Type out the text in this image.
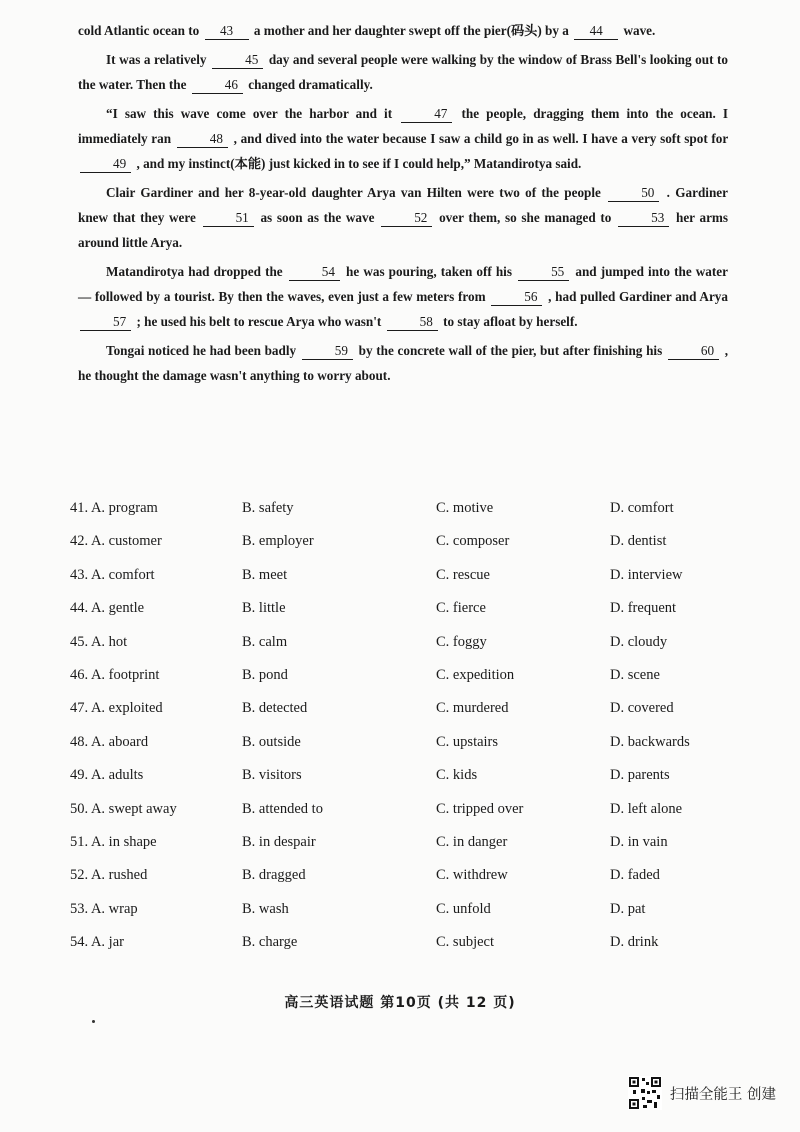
cold Atlantic ocean to 43 a mother and her daughter swept off the pier(码头) by a 44 wave.

It was a relatively	45 day and several people were walking by the window of Brass Bell's looking out to the water. Then the	46 changed dramatically.

“I saw this wave come over the harbor and it	47 the people, dragging them into the ocean. I immediately ran	48 , and dived into the water because I saw a child go in as well. I have a very soft spot for 49 , and my instinct(本能) just kicked in to see if I could help,” Matandirotya said.

Clair Gardiner and her 8-year-old daughter Arya van Hilten were two of the people	50 . Gardiner knew that they were	51 as soon as the wave	52 over them, so she managed to	53 her arms around little Arya.

Matandirotya had dropped the	54 he was pouring, taken off his	55 and jumped into the water — followed by a tourist. By then the waves, even just a few meters from	56 , had pulled Gardiner and Arya 57 ; he used his belt to rescue Arya who wasn't	58 to stay afloat by herself.

Tongai noticed he had been badly	59 by the concrete wall of the pier, but after finishing his	60 , he thought the damage wasn't anything to worry about.

41. A. program	B. safety	C. motive	D. comfort
42. A. customer	B. employer	C. composer	D. dentist
43. A. comfort	B. meet	C. rescue	D. interview
44. A. gentle	B. little	C. fierce	D. frequent
45. A. hot	B. calm	C. foggy	D. cloudy
46. A. footprint	B. pond	C. expedition	D. scene
47. A. exploited	B. detected	C. murdered	D. covered
48. A. aboard	B. outside	C. upstairs	D. backwards
49. A. adults	B. visitors	C. kids	D. parents
50. A. swept away	B. attended to	C. tripped over	D. left alone
51. A. in shape	B. in despair	C. in danger	D. in vain
52. A. rushed	B. dragged	C. withdrew	D. faded
53. A. wrap	B. wash	C. unfold	D. pat
54. A. jar	B. charge	C. subject	D. drink
高三英语试题 第10页 (共 12 页)
扫描全能王 创建
